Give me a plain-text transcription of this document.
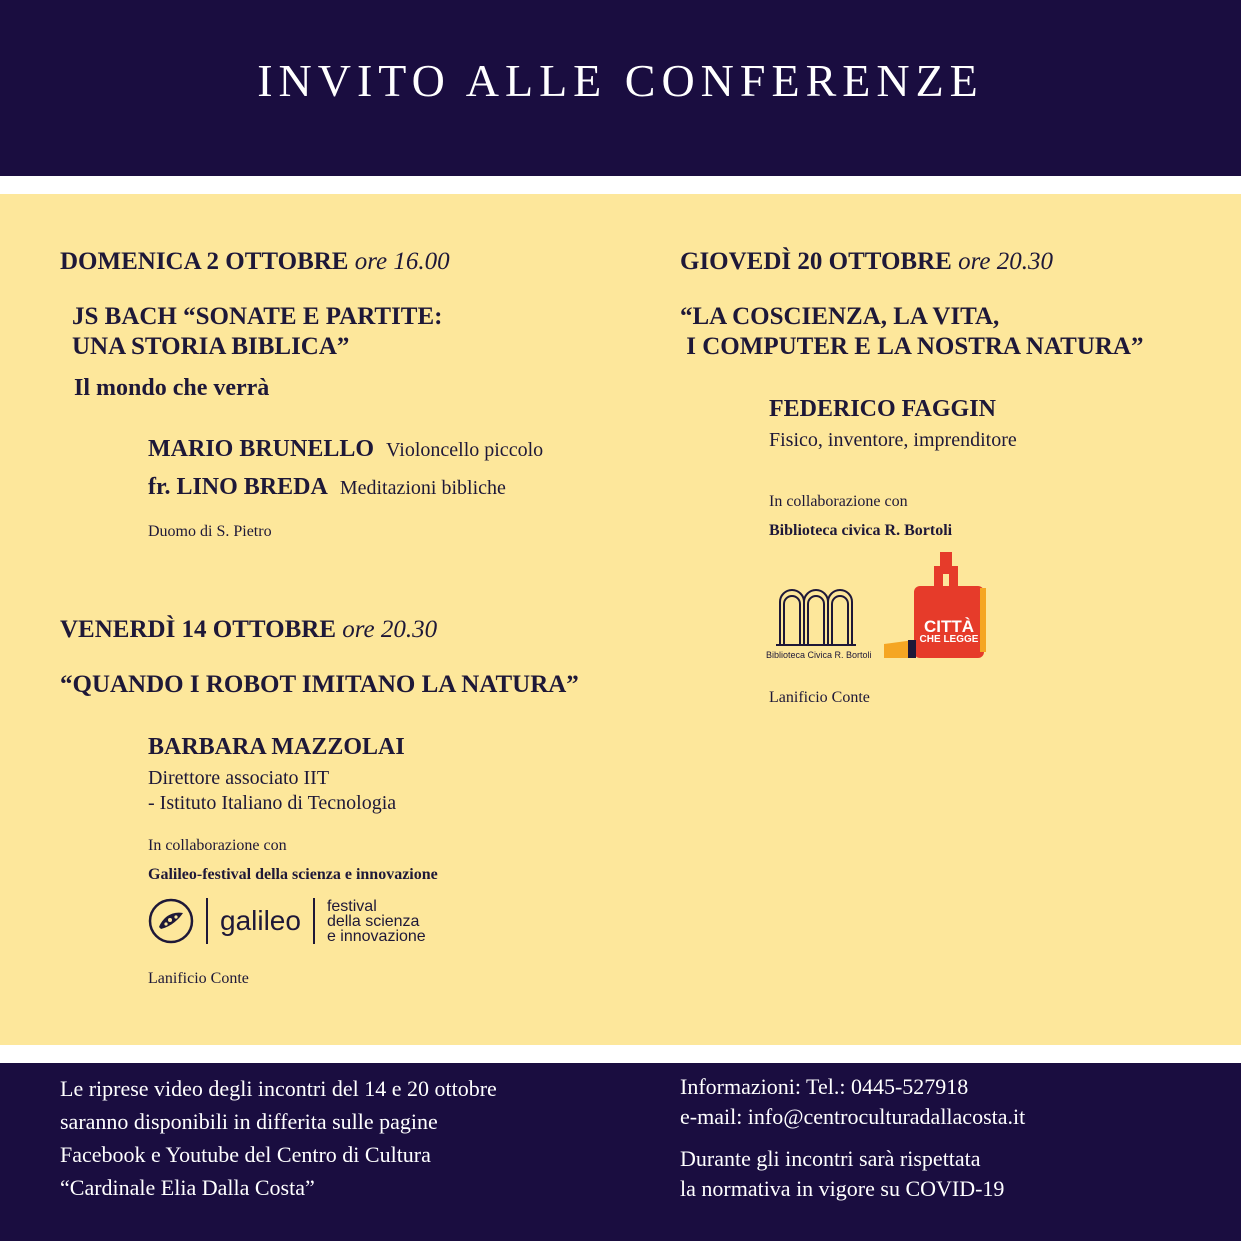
INVITO ALLE CONFERENZE
DOMENICA 2 OTTOBRE ore 16.00
JS BACH “SONATE E PARTITE:
UNA STORIA BIBLICA”
Il mondo che verrà
MARIO BRUNELLO Violoncello piccolo
fr. LINO BREDA Meditazioni bibliche
Duomo di S. Pietro
VENERDÌ 14 OTTOBRE ore 20.30
“QUANDO I ROBOT IMITANO LA NATURA”
BARBARA MAZZOLAI
Direttore associato IIT
- Istituto Italiano di Tecnologia
In collaborazione con
Galileo-festival della scienza e innovazione
galileo festival
della scienza
e innovazione
Lanificio Conte
GIOVEDÌ 20 OTTOBRE ore 20.30
“LA COSCIENZA, LA VITA,
I COMPUTER E LA NOSTRA NATURA”
FEDERICO FAGGIN
Fisico, inventore, imprenditore
In collaborazione con
Biblioteca civica R. Bortoli
Biblioteca Civica R. Bortoli
CITTÀ
CHE LEGGE
Lanificio Conte
Le riprese video degli incontri del 14 e 20 ottobre
saranno disponibili in differita sulle pagine
Facebook e Youtube del Centro di Cultura
“Cardinale Elia Dalla Costa”
Informazioni: Tel.: 0445-527918
e-mail: info@centroculturadallacosta.it
Durante gli incontri sarà rispettata
la normativa in vigore su COVID-19
